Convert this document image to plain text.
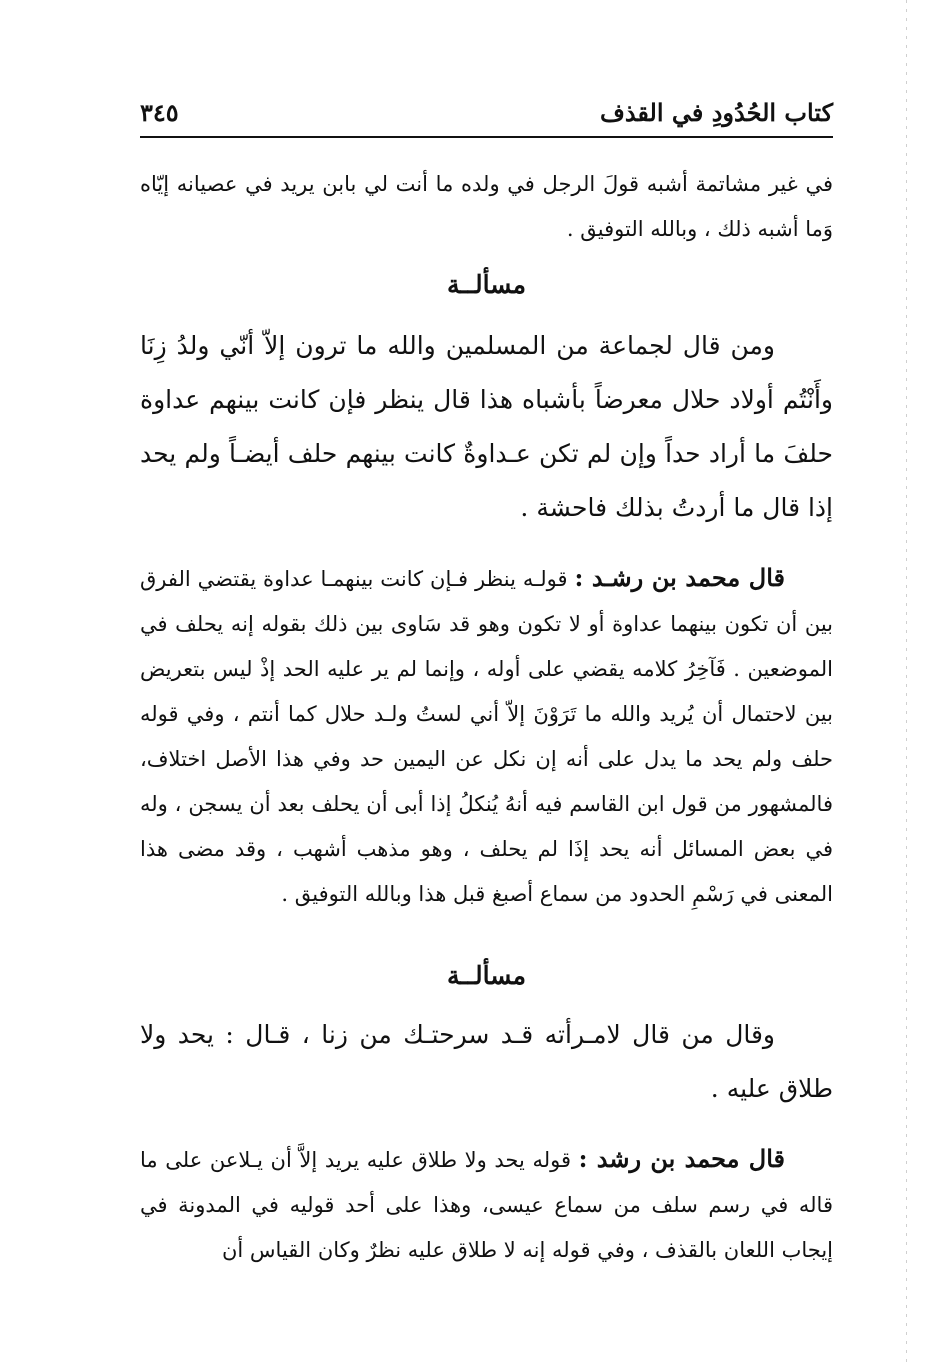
كتاب الحُدُودِ في القذف
٣٤٥

في غير مشاتمة أشبه قولَ الرجل في ولده ما أنت لي بابن يريد في عصيانه إيّاه وَما أشبه ذلك ، وبالله التوفيق .

مسألــة

ومن قال لجماعة من المسلمين والله ما ترون إلاّ أنّي ولدُ زِنَا وأَنْتُم أولاد حلال معرضاً بأشباه هذا قال ينظر فإن كانت بينهم عداوة حلفَ ما أراد حداً وإن لم تكن عـداوةٌ كانت بينهم حلف أيضـاً ولم يحد إذا قال ما أردتُ بذلك فاحشة .

قال محمد بن رشـد : قولـه ينظر فـإن كانت بينهمـا عداوة يقتضي الفرق بين أن تكون بينهما عداوة أو لا تكون وهو قد سَاوى بين ذلك بقوله إنه يحلف في الموضعين . فَآخِرُ كلامه يقضي على أوله ، وإنما لم ير عليه الحد إذْ ليس بتعريض بين لاحتمال أن يُريد والله ما تَرَوْنَ إلاّ أني لستُ ولـد حلال كما أنتم ، وفي قوله حلف ولم يحد ما يدل على أنه إن نكل عن اليمين حد وفي هذا الأصل اختلاف، فالمشهور من قول ابن القاسم فيه أنهُ يُنكلُ إذا أبى أن يحلف بعد أن يسجن ، وله في بعض المسائل أنه يحد إذَا لم يحلف ، وهو مذهب أشهب ، وقد مضى هذا المعنى في رَسْمِ الحدود من سماع أصبغ قبل هذا وبالله التوفيق .

مسألــة

وقال من قال لامـرأته قـد سرحتـك من زنا ، قـال : يحد ولا طلاق عليه .

قال محمد بن رشد : قوله يحد ولا طلاق عليه يريد إلاَّ أن يـلاعن على ما قاله في رسم سلف من سماع عيسى، وهذا على أحد قوليه في المدونة في إيجاب اللعان بالقذف ، وفي قوله إنه لا طلاق عليه نظرٌ وكان القياس أن
